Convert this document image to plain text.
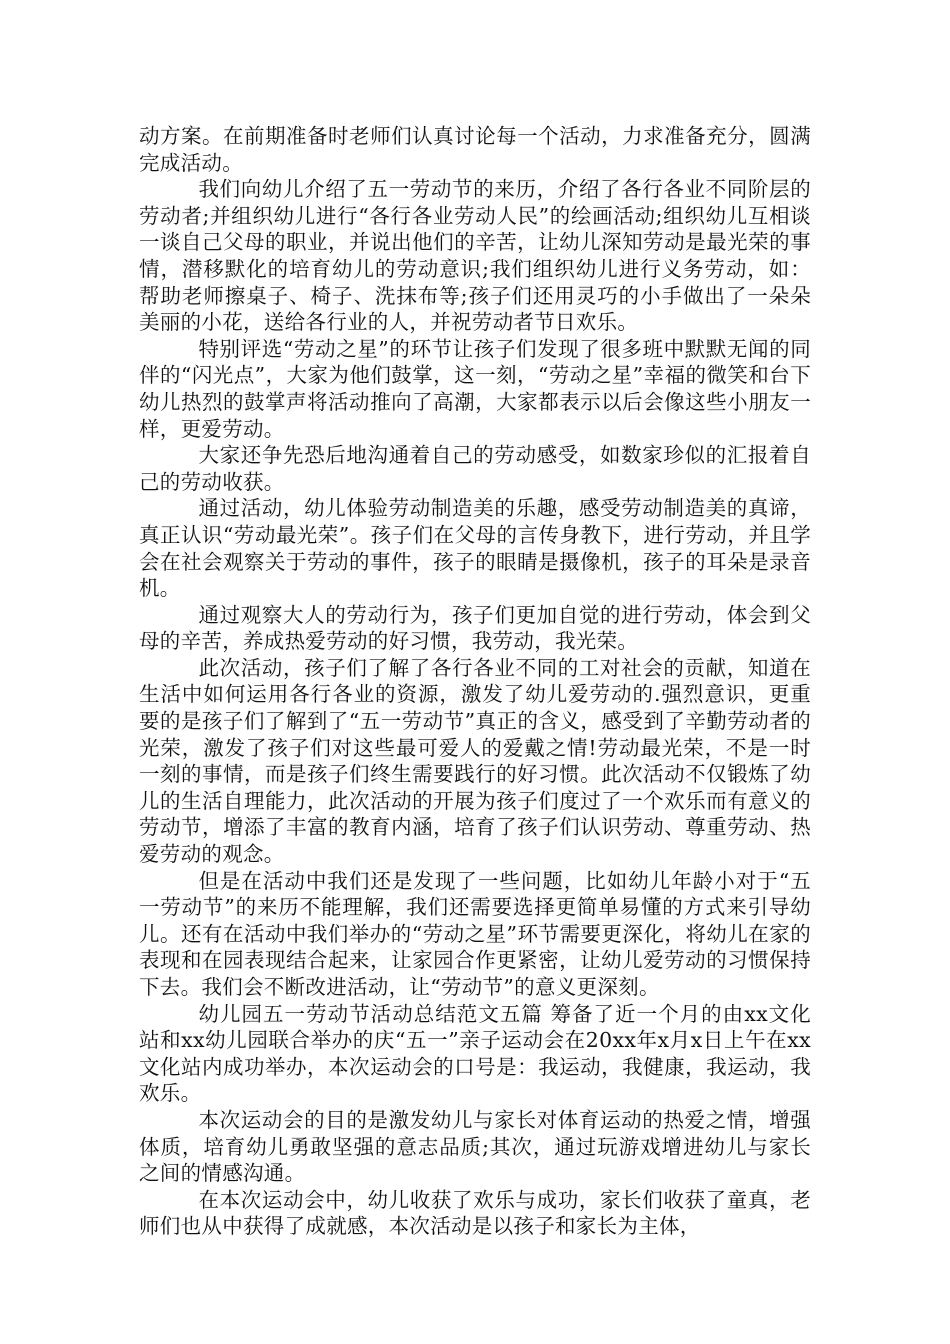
动方案。在前期准备时老师们认真讨论每一个活动，力求准备充分，圆满完成活动。

我们向幼儿介绍了五一劳动节的来历，介绍了各行各业不同阶层的劳动者;并组织幼儿进行“各行各业劳动人民”的绘画活动;组织幼儿互相谈一谈自己父母的职业，并说出他们的辛苦，让幼儿深知劳动是最光荣的事情，潜移默化的培育幼儿的劳动意识;我们组织幼儿进行义务劳动，如：帮助老师擦桌子、椅子、洗抹布等;孩子们还用灵巧的小手做出了一朵朵美丽的小花，送给各行业的人，并祝劳动者节日欢乐。

特别评选“劳动之星”的环节让孩子们发现了很多班中默默无闻的同伴的“闪光点”，大家为他们鼓掌，这一刻，“劳动之星”幸福的微笑和台下幼儿热烈的鼓掌声将活动推向了高潮，大家都表示以后会像这些小朋友一样，更爱劳动。

大家还争先恐后地沟通着自己的劳动感受，如数家珍似的汇报着自己的劳动收获。

通过活动，幼儿体验劳动制造美的乐趣，感受劳动制造美的真谛，真正认识“劳动最光荣”。孩子们在父母的言传身教下，进行劳动，并且学会在社会观察关于劳动的事件，孩子的眼睛是摄像机，孩子的耳朵是录音机。

通过观察大人的劳动行为，孩子们更加自觉的进行劳动，体会到父母的辛苦，养成热爱劳动的好习惯，我劳动，我光荣。

此次活动，孩子们了解了各行各业不同的工对社会的贡献，知道在生活中如何运用各行各业的资源，激发了幼儿爱劳动的.强烈意识，更重要的是孩子们了解到了“五一劳动节”真正的含义，感受到了辛勤劳动者的光荣，激发了孩子们对这些最可爱人的爱戴之情!劳动最光荣，不是一时一刻的事情，而是孩子们终生需要践行的好习惯。此次活动不仅锻炼了幼儿的生活自理能力，此次活动的开展为孩子们度过了一个欢乐而有意义的劳动节，增添了丰富的教育内涵，培育了孩子们认识劳动、尊重劳动、热爱劳动的观念。

但是在活动中我们还是发现了一些问题，比如幼儿年龄小对于“五一劳动节”的来历不能理解，我们还需要选择更简单易懂的方式来引导幼儿。还有在活动中我们举办的“劳动之星”环节需要更深化，将幼儿在家的表现和在园表现结合起来，让家园合作更紧密，让幼儿爱劳动的习惯保持下去。我们会不断改进活动，让“劳动节”的意义更深刻。

幼儿园五一劳动节活动总结范文五篇 筹备了近一个月的由xx文化站和xx幼儿园联合举办的庆“五一”亲子运动会在20xx年x月x日上午在xx文化站内成功举办，本次运动会的口号是：我运动，我健康，我运动，我欢乐。

本次运动会的目的是激发幼儿与家长对体育运动的热爱之情，增强体质，培育幼儿勇敢坚强的意志品质;其次，通过玩游戏增进幼儿与家长之间的情感沟通。

在本次运动会中，幼儿收获了欢乐与成功，家长们收获了童真，老师们也从中获得了成就感，本次活动是以孩子和家长为主体，
